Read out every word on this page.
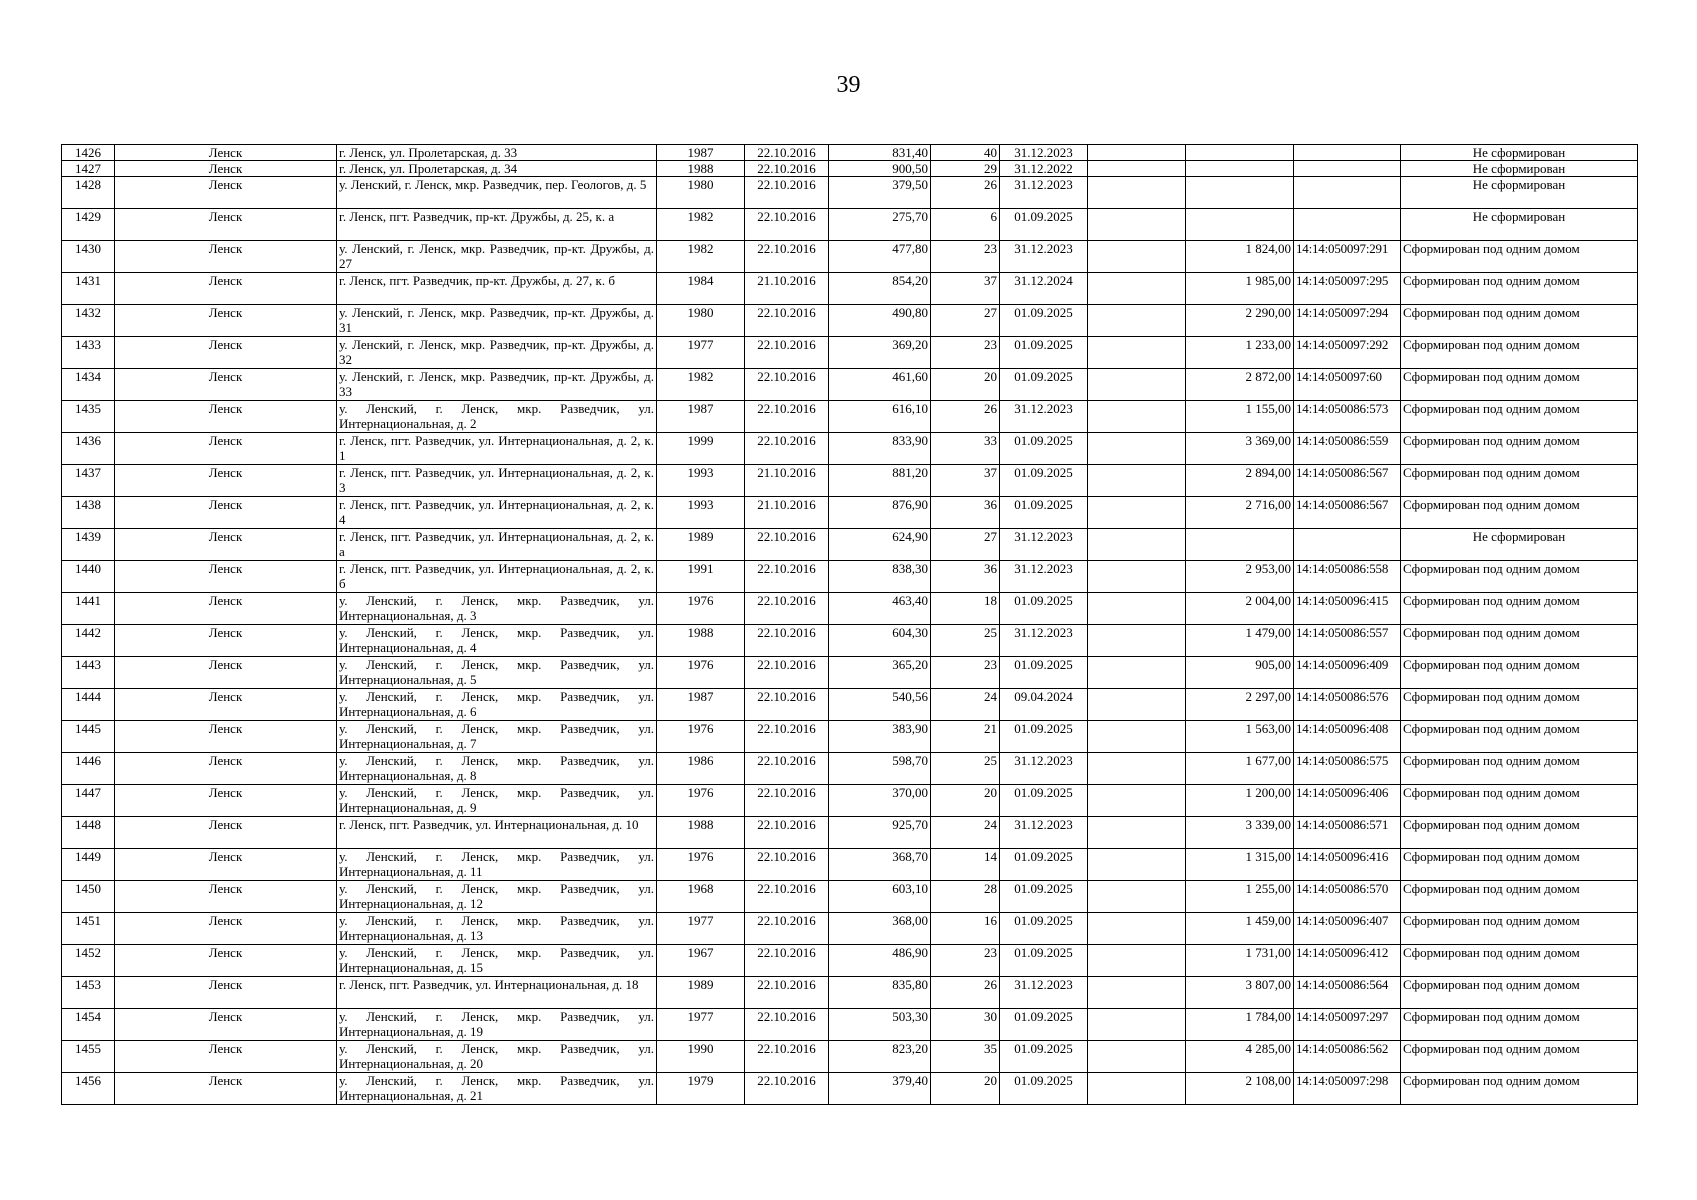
39
1426	Ленск	г. Ленск, ул. Пролетарская, д. 33	1987	22.10.2016	831,40	40	31.12.2023				Не сформирован
1427	Ленск	г. Ленск, ул. Пролетарская, д. 34	1988	22.10.2016	900,50	29	31.12.2022				Не сформирован
1428	Ленск	у. Ленский, г. Ленск, мкр. Разведчик, пер. Геологов, д. 5	1980	22.10.2016	379,50	26	31.12.2023				Не сформирован
1429	Ленск	г. Ленск, пгт. Разведчик, пр-кт. Дружбы, д. 25, к. а	1982	22.10.2016	275,70	6	01.09.2025				Не сформирован
1430	Ленск	у. Ленский, г. Ленск, мкр. Разведчик, пр-кт. Дружбы, д. 27	1982	22.10.2016	477,80	23	31.12.2023		1 824,00	14:14:050097:291	Сформирован под одним домом
1431	Ленск	г. Ленск, пгт. Разведчик, пр-кт. Дружбы, д. 27, к. б	1984	21.10.2016	854,20	37	31.12.2024		1 985,00	14:14:050097:295	Сформирован под одним домом
1432	Ленск	у. Ленский, г. Ленск, мкр. Разведчик, пр-кт. Дружбы, д. 31	1980	22.10.2016	490,80	27	01.09.2025		2 290,00	14:14:050097:294	Сформирован под одним домом
1433	Ленск	у. Ленский, г. Ленск, мкр. Разведчик, пр-кт. Дружбы, д. 32	1977	22.10.2016	369,20	23	01.09.2025		1 233,00	14:14:050097:292	Сформирован под одним домом
1434	Ленск	у. Ленский, г. Ленск, мкр. Разведчик, пр-кт. Дружбы, д. 33	1982	22.10.2016	461,60	20	01.09.2025		2 872,00	14:14:050097:60	Сформирован под одним домом
1435	Ленск	у. Ленский, г. Ленск, мкр. Разведчик, ул. Интернациональная, д. 2	1987	22.10.2016	616,10	26	31.12.2023		1 155,00	14:14:050086:573	Сформирован под одним домом
1436	Ленск	г. Ленск, пгт. Разведчик, ул. Интернациональная, д. 2, к. 1	1999	22.10.2016	833,90	33	01.09.2025		3 369,00	14:14:050086:559	Сформирован под одним домом
1437	Ленск	г. Ленск, пгт. Разведчик, ул. Интернациональная, д. 2, к. 3	1993	21.10.2016	881,20	37	01.09.2025		2 894,00	14:14:050086:567	Сформирован под одним домом
1438	Ленск	г. Ленск, пгт. Разведчик, ул. Интернациональная, д. 2, к. 4	1993	21.10.2016	876,90	36	01.09.2025		2 716,00	14:14:050086:567	Сформирован под одним домом
1439	Ленск	г. Ленск, пгт. Разведчик, ул. Интернациональная, д. 2, к. а	1989	22.10.2016	624,90	27	31.12.2023				Не сформирован
1440	Ленск	г. Ленск, пгт. Разведчик, ул. Интернациональная, д. 2, к. б	1991	22.10.2016	838,30	36	31.12.2023		2 953,00	14:14:050086:558	Сформирован под одним домом
1441	Ленск	у. Ленский, г. Ленск, мкр. Разведчик, ул. Интернациональная, д. 3	1976	22.10.2016	463,40	18	01.09.2025		2 004,00	14:14:050096:415	Сформирован под одним домом
1442	Ленск	у. Ленский, г. Ленск, мкр. Разведчик, ул. Интернациональная, д. 4	1988	22.10.2016	604,30	25	31.12.2023		1 479,00	14:14:050086:557	Сформирован под одним домом
1443	Ленск	у. Ленский, г. Ленск, мкр. Разведчик, ул. Интернациональная, д. 5	1976	22.10.2016	365,20	23	01.09.2025		905,00	14:14:050096:409	Сформирован под одним домом
1444	Ленск	у. Ленский, г. Ленск, мкр. Разведчик, ул. Интернациональная, д. 6	1987	22.10.2016	540,56	24	09.04.2024		2 297,00	14:14:050086:576	Сформирован под одним домом
1445	Ленск	у. Ленский, г. Ленск, мкр. Разведчик, ул. Интернациональная, д. 7	1976	22.10.2016	383,90	21	01.09.2025		1 563,00	14:14:050096:408	Сформирован под одним домом
1446	Ленск	у. Ленский, г. Ленск, мкр. Разведчик, ул. Интернациональная, д. 8	1986	22.10.2016	598,70	25	31.12.2023		1 677,00	14:14:050086:575	Сформирован под одним домом
1447	Ленск	у. Ленский, г. Ленск, мкр. Разведчик, ул. Интернациональная, д. 9	1976	22.10.2016	370,00	20	01.09.2025		1 200,00	14:14:050096:406	Сформирован под одним домом
1448	Ленск	г. Ленск, пгт. Разведчик, ул. Интернациональная, д. 10	1988	22.10.2016	925,70	24	31.12.2023		3 339,00	14:14:050086:571	Сформирован под одним домом
1449	Ленск	у. Ленский, г. Ленск, мкр. Разведчик, ул. Интернациональная, д. 11	1976	22.10.2016	368,70	14	01.09.2025		1 315,00	14:14:050096:416	Сформирован под одним домом
1450	Ленск	у. Ленский, г. Ленск, мкр. Разведчик, ул. Интернациональная, д. 12	1968	22.10.2016	603,10	28	01.09.2025		1 255,00	14:14:050086:570	Сформирован под одним домом
1451	Ленск	у. Ленский, г. Ленск, мкр. Разведчик, ул. Интернациональная, д. 13	1977	22.10.2016	368,00	16	01.09.2025		1 459,00	14:14:050096:407	Сформирован под одним домом
1452	Ленск	у. Ленский, г. Ленск, мкр. Разведчик, ул. Интернациональная, д. 15	1967	22.10.2016	486,90	23	01.09.2025		1 731,00	14:14:050096:412	Сформирован под одним домом
1453	Ленск	г. Ленск, пгт. Разведчик, ул. Интернациональная, д. 18	1989	22.10.2016	835,80	26	31.12.2023		3 807,00	14:14:050086:564	Сформирован под одним домом
1454	Ленск	у. Ленский, г. Ленск, мкр. Разведчик, ул. Интернациональная, д. 19	1977	22.10.2016	503,30	30	01.09.2025		1 784,00	14:14:050097:297	Сформирован под одним домом
1455	Ленск	у. Ленский, г. Ленск, мкр. Разведчик, ул. Интернациональная, д. 20	1990	22.10.2016	823,20	35	01.09.2025		4 285,00	14:14:050086:562	Сформирован под одним домом
1456	Ленск	у. Ленский, г. Ленск, мкр. Разведчик, ул. Интернациональная, д. 21	1979	22.10.2016	379,40	20	01.09.2025		2 108,00	14:14:050097:298	Сформирован под одним домом
